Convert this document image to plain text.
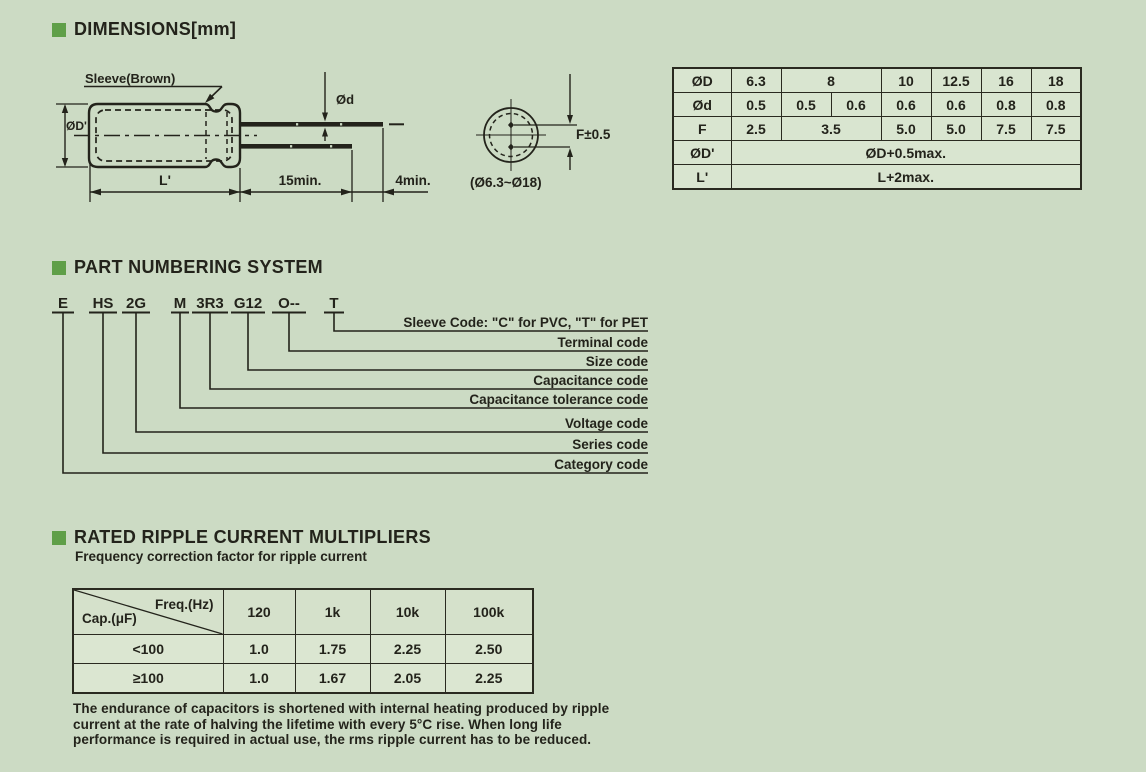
DIMENSIONS[mm]
Sleeve(Brown)
ØD'
Ød
L'	15min.	4min.
F±0.5
(Ø6.3~Ø18)
ØD	6.3	8		10	12.5	16	18
Ød	0.5	0.5	0.6	0.6	0.6	0.8	0.8
F	2.5	3.5		5.0	5.0	7.5	7.5
ØD'	ØD+0.5max.						
L'	L+2max.						
PART NUMBERING SYSTEM
E HS 2G M 3R3 G12 O-- T
Sleeve Code: "C" for PVC, "T" for PET
Terminal code
Size code
Capacitance code
Capacitance tolerance code
Voltage code
Series code
Category code
RATED RIPPLE CURRENT MULTIPLIERS
Frequency correction factor for ripple current
Freq.(Hz)
Cap.(μF)	120	1k	10k	100k
<100	1.0	1.75	2.25	2.50
≥100	1.0	1.67	2.05	2.25
The endurance of capacitors is shortened with internal heating produced by ripple
current at the rate of halving the lifetime with every 5°C rise. When long life
performance is required in actual use, the rms ripple current has to be reduced.
